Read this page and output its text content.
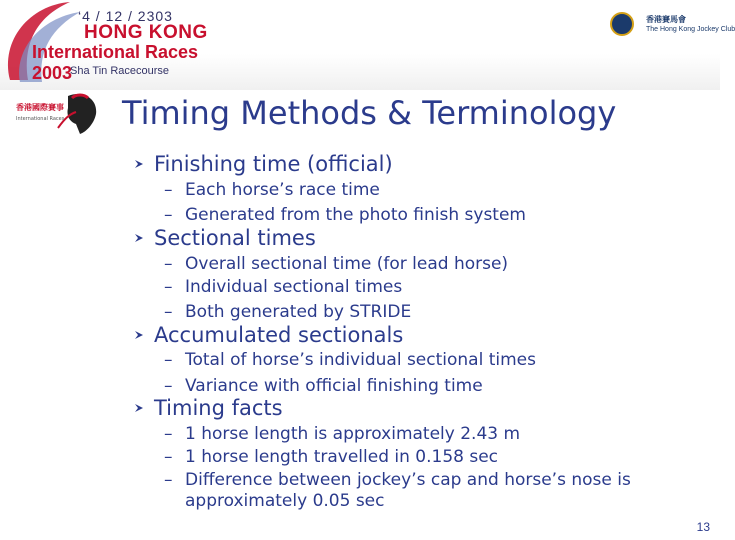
‘4 / 12 / 2303
HONG KONG
International Races 2003
Sha Tin Racecourse
香港賽馬會
The Hong Kong Jockey Club
香港國際賽事
International Races Timing Methods & Terminology
Finishing time (official)
– Each horse’s race time
– Generated from the photo finish system
Sectional times
– Overall sectional time (for lead horse)
– Individual sectional times
– Both generated by STRIDE
Accumulated sectionals
– Total of horse’s individual sectional times
– Variance with official finishing time
Timing facts
– 1 horse length is approximately 2.43 m
– 1 horse length travelled in 0.158 sec
– Difference between jockey’s cap and horse’s nose is
approximately 0.05 sec
13
